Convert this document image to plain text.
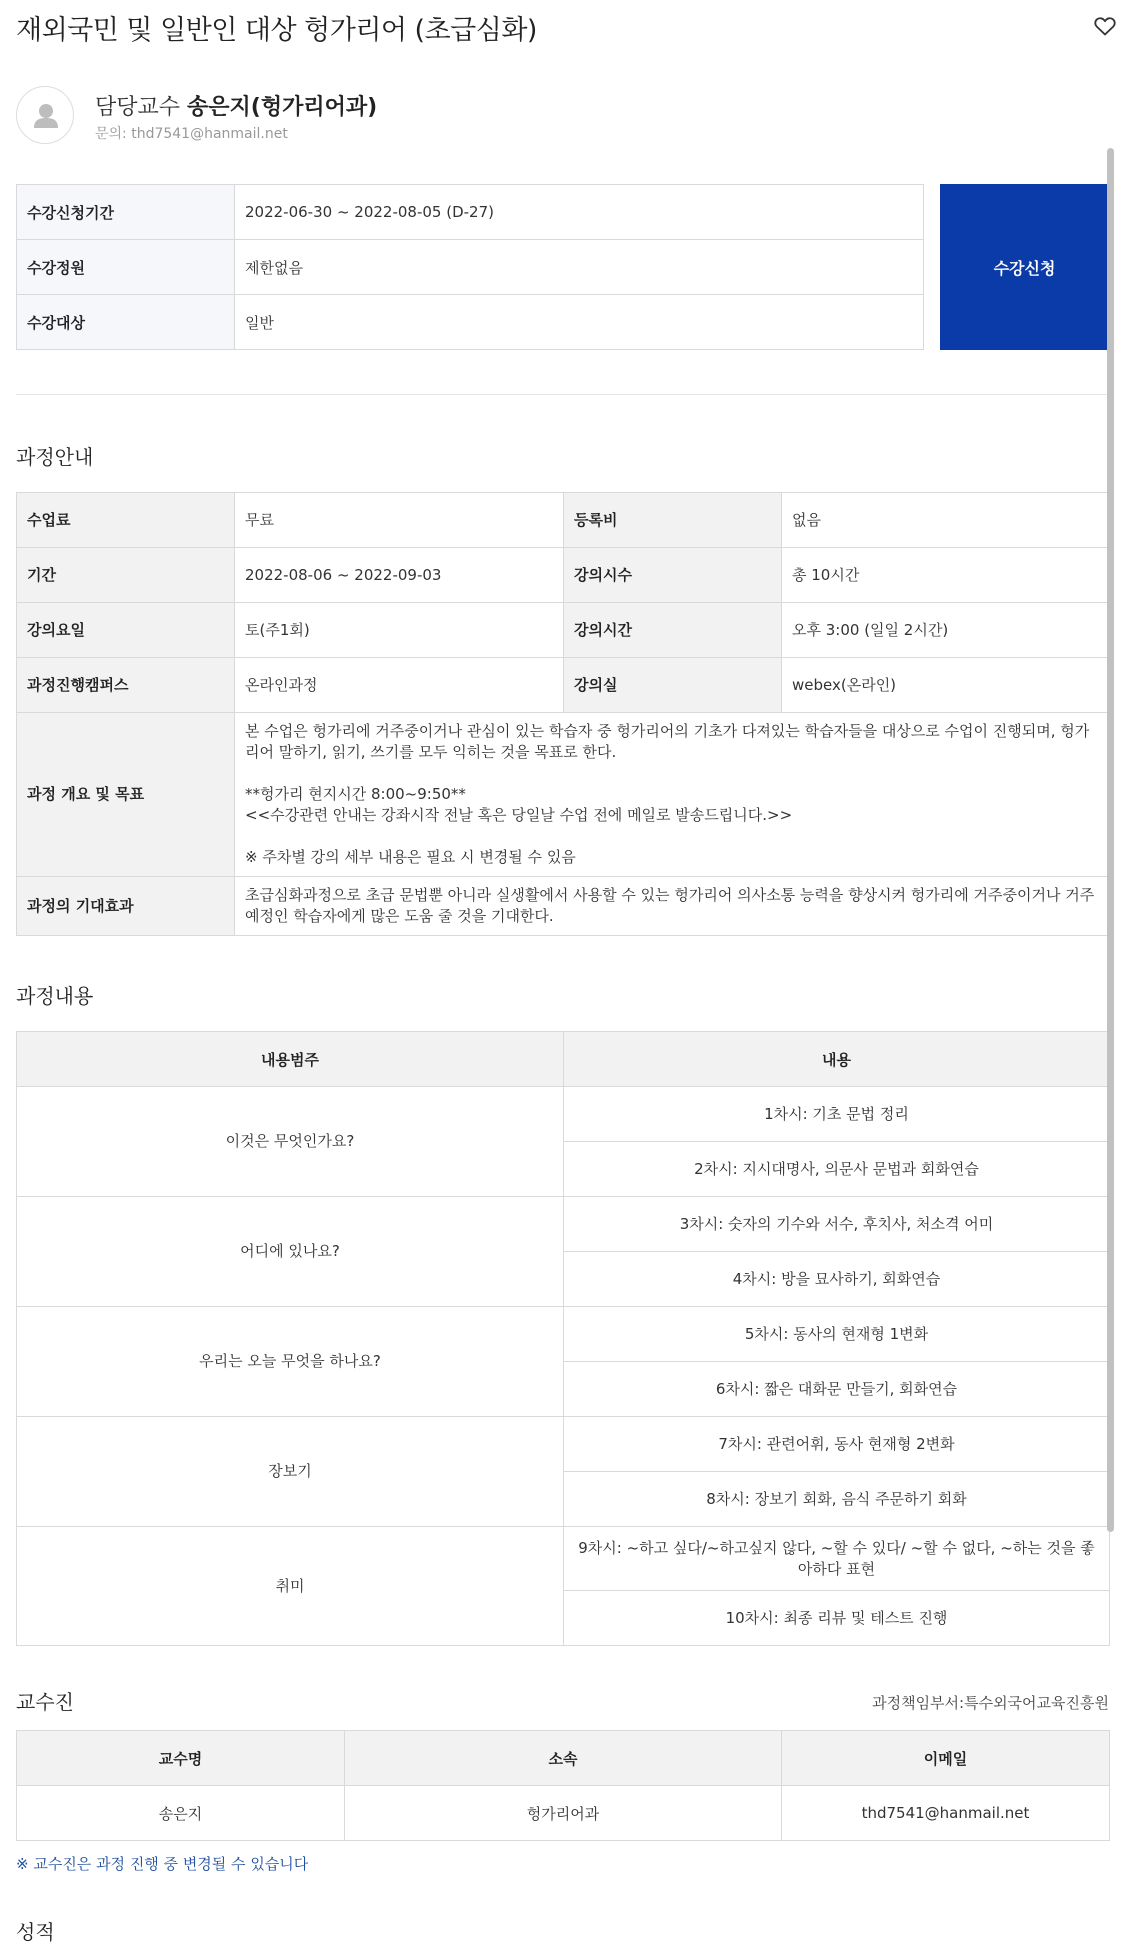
재외국민 및 일반인 대상 헝가리어 (초급심화)
담당교수 송은지(헝가리어과)
문의: thd7541@hanmail.net
수강신청기간	2022-06-30 ~ 2022-08-05 (D-27)
수강정원	제한없음
수강대상	일반
수강신청
과정안내
수업료	무료	등록비	없음
기간	2022-08-06 ~ 2022-09-03	강의시수	총 10시간
강의요일	토(주1회)	강의시간	오후 3:00 (일일 2시간)
과정진행캠퍼스	온라인과정	강의실	webex(온라인)
과정 개요 및 목표	본 수업은 헝가리에 거주중이거나 관심이 있는 학습자 중 헝가리어의 기초가 다져있는 학습자들을 대상으로 수업이 진행되며, 헝가리어 말하기, 읽기, 쓰기를 모두 익히는 것을 목표로 한다.

**헝가리 현지시간 8:00~9:50**
<<수강관련 안내는 강좌시작 전날 혹은 당일날 수업 전에 메일로 발송드립니다.>>

※ 주차별 강의 세부 내용은 필요 시 변경될 수 있음		
과정의 기대효과	초급심화과정으로 초급 문법뿐 아니라 실생활에서 사용할 수 있는 헝가리어 의사소통 능력을 향상시켜 헝가리에 거주중이거나 거주 예정인 학습자에게 많은 도움 줄 것을 기대한다.		
과정내용
내용범주	내용
이것은 무엇인가요?	1차시: 기초 문법 정리
	2차시: 지시대명사, 의문사 문법과 회화연습
어디에 있나요?	3차시: 숫자의 기수와 서수, 후치사, 처소격 어미
	4차시: 방을 묘사하기, 회화연습
우리는 오늘 무엇을 하나요?	5차시: 동사의 현재형 1변화
	6차시: 짧은 대화문 만들기, 회화연습
장보기	7차시: 관련어휘, 동사 현재형 2변화
	8차시: 장보기 회화, 음식 주문하기 회화
취미	9차시: ~하고 싶다/~하고싶지 않다, ~할 수 있다/ ~할 수 없다, ~하는 것을 좋아하다 표현
	10차시: 최종 리뷰 및 테스트 진행
교수진	과정책임부서:특수외국어교육진흥원
교수명	소속	이메일
송은지	헝가리어과	thd7541@hanmail.net

※ 교수진은 과정 진행 중 변경될 수 있습니다

성적
